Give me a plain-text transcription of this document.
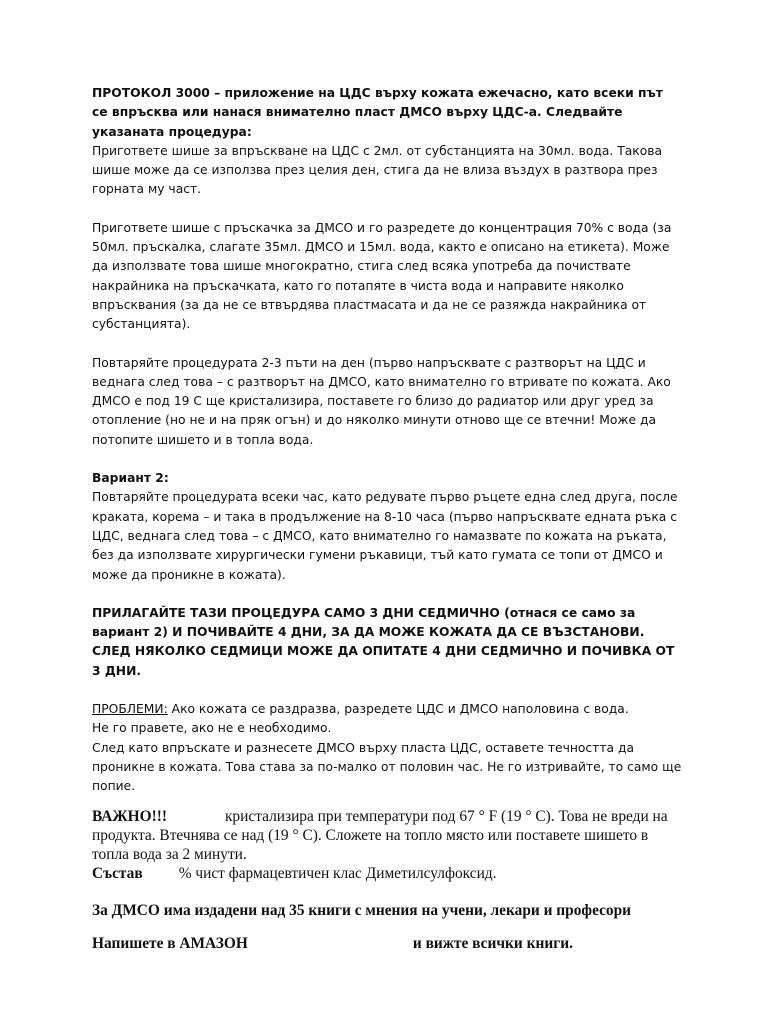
ПРОТОКОЛ 3000 – приложение на ЦДС върху кожата ежечасно, като всеки път се впръсква или нанася внимателно пласт ДМСО върху ЦДС-а. Следвайте указаната процедура:
Пригответе шише за впръскване на ЦДС с 2мл. от субстанцията на 30мл. вода. Такова шише може да се използва през целия ден, стига да не влиза въздух в разтвора през горната му част.

Пригответе шише с пръскачка за ДМСО и го разредете до концентрация 70% с вода (за 50мл. пръскалка, слагате 35мл. ДМСО и 15мл. вода, както е описано на етикета). Може да използвате това шише многократно, стига след всяка употреба да почиствате накрайника на пръскачката, като го потапяте в чиста вода и направите няколко впръсквания (за да не се втвърдява пластмасата и да не се разяжда накрайника от субстанцията).

Повтаряйте процедурата 2-3 пъти на ден (първо напръсквате с разтворът на ЦДС и веднага след това – с разтворът на ДМСО, като внимателно го втривате по кожата. Ако ДМСО е под 19 С ще кристализира, поставете го близо до радиатор или друг уред за отопление (но не и на пряк огън) и до няколко минути отново ще се втечни! Може да потопите шишето и в топла вода.

Вариант 2:
Повтаряйте процедурата всеки час, като редувате първо ръцете една след друга, после краката, корема – и така в продължение на 8-10 часа (първо напръсквате едната ръка с ЦДС, веднага след това – с ДМСО, като внимателно го намазвате по кожата на ръката, без да използвате хирургически гумени ръкавици, тъй като гумата се топи от ДМСО и може да проникне в кожата).

ПРИЛАГАЙТЕ ТАЗИ ПРОЦЕДУРА САМО 3 ДНИ СЕДМИЧНО (отнася се само за вариант 2) И ПОЧИВАЙТЕ 4 ДНИ, ЗА ДА МОЖЕ КОЖАТА ДА СЕ ВЪЗСТАНОВИ. СЛЕД НЯКОЛКО СЕДМИЦИ МОЖЕ ДА ОПИТАТЕ 4 ДНИ СЕДМИЧНО И ПОЧИВКА ОТ 3 ДНИ.

ПРОБЛЕМИ: Ако кожата се раздразва, разредете ЦДС и ДМСО наполовина с вода.
Не го правете, ако не е необходимо.
След като впръскате и разнесете ДМСО върху пласта ЦДС, оставете течността да проникне в кожата. Това става за по-малко от половин час. Не го изтривайте, то само ще попие.

ВАЖНО!!!	кристализира при температури под 67 ° F (19 ° C). Това не вреди на продукта. Втечнява се над (19 ° C). Сложете на топло място или поставете шишето в топла вода за 2 минути.

Състав % чист фармацевтичен клас Диметилсулфоксид.

За ДМСО има издадени над 35 книги с мнения на учени, лекари и професори

Напишете в АМАЗОН	и вижте всички книги.
